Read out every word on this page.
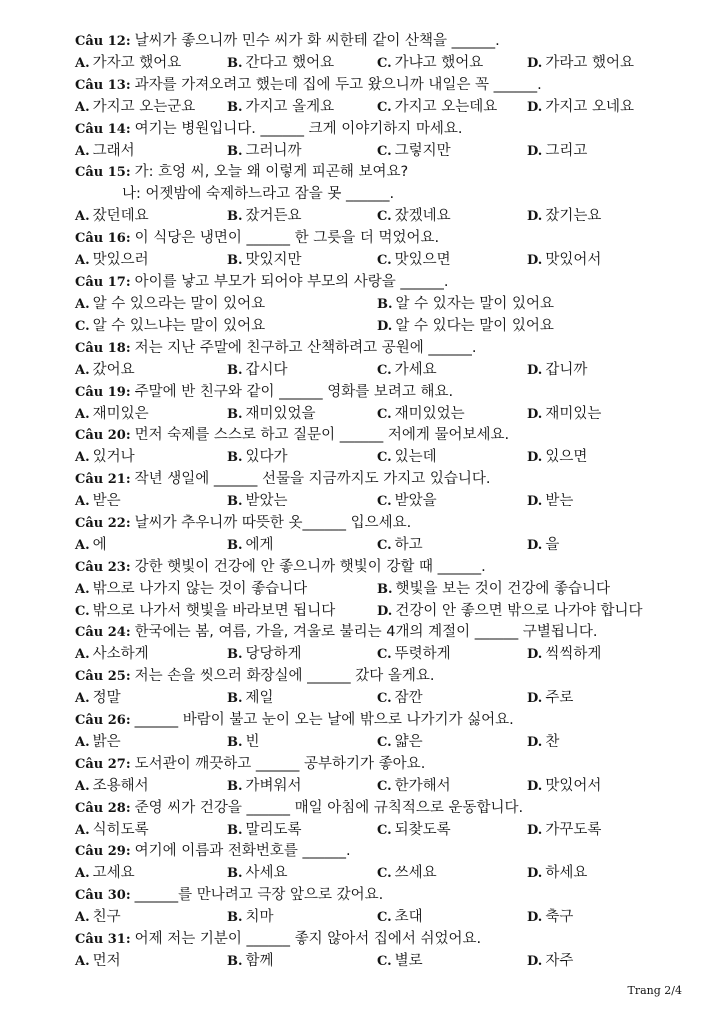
Câu 12: 날씨가 좋으니까 민수 씨가 화 씨한테 같이 산책을 ______.
A. 가자고 했어요	B. 간다고 했어요	C. 가냐고 했어요	D. 가라고 했어요
Câu 13: 과자를 가져오려고 했는데 집에 두고 왔으니까 내일은 꼭 ______.
A. 가지고 오는군요 B. 가지고 올게요	C. 가지고 오는데요 D. 가지고 오네요
Câu 14: 여기는 병원입니다. ______ 크게 이야기하지 마세요.
A. 그래서	B. 그러니까	C. 그렇지만	D. 그리고
Câu 15: 가: 흐엉 씨, 오늘 왜 이렇게 피곤해 보여요?
나: 어젯밤에 숙제하느라고 잠을 못 ______.
A. 잤던데요	B. 잤거든요	C. 잤겠네요	D. 잤기는요
Câu 16: 이 식당은 냉면이 ______ 한 그릇을 더 먹었어요.
A. 맛있으러	B. 맛있지만	C. 맛있으면	D. 맛있어서
Câu 17: 아이를 낳고 부모가 되어야 부모의 사랑을 ______.
A. 알 수 있으라는 말이 있어요	B. 알 수 있자는 말이 있어요
C. 알 수 있느냐는 말이 있어요	D. 알 수 있다는 말이 있어요
Câu 18: 저는 지난 주말에 친구하고 산책하려고 공원에 ______.
A. 갔어요	B. 갑시다	C. 가세요	D. 갑니까
Câu 19: 주말에 반 친구와 같이 ______ 영화를 보려고 해요.
A. 재미있은	B. 재미있었을	C. 재미있었는	D. 재미있는
Câu 20: 먼저 숙제를 스스로 하고 질문이 ______ 저에게 물어보세요.
A. 있거나	B. 있다가	C. 있는데	D. 있으면
Câu 21: 작년 생일에 ______ 선물을 지금까지도 가지고 있습니다.
A. 받은	B. 받았는	C. 받았을	D. 받는
Câu 22: 날씨가 추우니까 따뜻한 옷______ 입으세요.
A. 에	B. 에게	C. 하고	D. 을
Câu 23: 강한 햇빛이 건강에 안 좋으니까 햇빛이 강할 때 ______.
A. 밖으로 나가지 않는 것이 좋습니다	B. 햇빛을 보는 것이 건강에 좋습니다
C. 밖으로 나가서 햇빛을 바라보면 됩니다	D. 건강이 안 좋으면 밖으로 나가야 합니다
Câu 24: 한국에는 봄, 여름, 가을, 겨울로 불리는 4개의 계절이 ______ 구별됩니다.
A. 사소하게	B. 당당하게	C. 뚜렷하게	D. 씩씩하게
Câu 25: 저는 손을 씻으러 화장실에 ______ 갔다 올게요.
A. 정말	B. 제일	C. 잠깐	D. 주로
Câu 26: ______ 바람이 불고 눈이 오는 날에 밖으로 나가기가 싫어요.
A. 밝은	B. 빈	C. 얇은	D. 찬
Câu 27: 도서관이 깨끗하고 ______ 공부하기가 좋아요.
A. 조용해서	B. 가벼워서	C. 한가해서	D. 맛있어서
Câu 28: 준영 씨가 건강을 ______ 매일 아침에 규칙적으로 운동합니다.
A. 식히도록	B. 말리도록	C. 되찾도록	D. 가꾸도록
Câu 29: 여기에 이름과 전화번호를 ______.
A. 고세요	B. 사세요	C. 쓰세요	D. 하세요
Câu 30: ______를 만나려고 극장 앞으로 갔어요.
A. 친구	B. 치마	C. 초대	D. 축구
Câu 31: 어제 저는 기분이 ______ 좋지 않아서 집에서 쉬었어요.
A. 먼저	B. 함께	C. 별로	D. 자주
Trang 2/4
